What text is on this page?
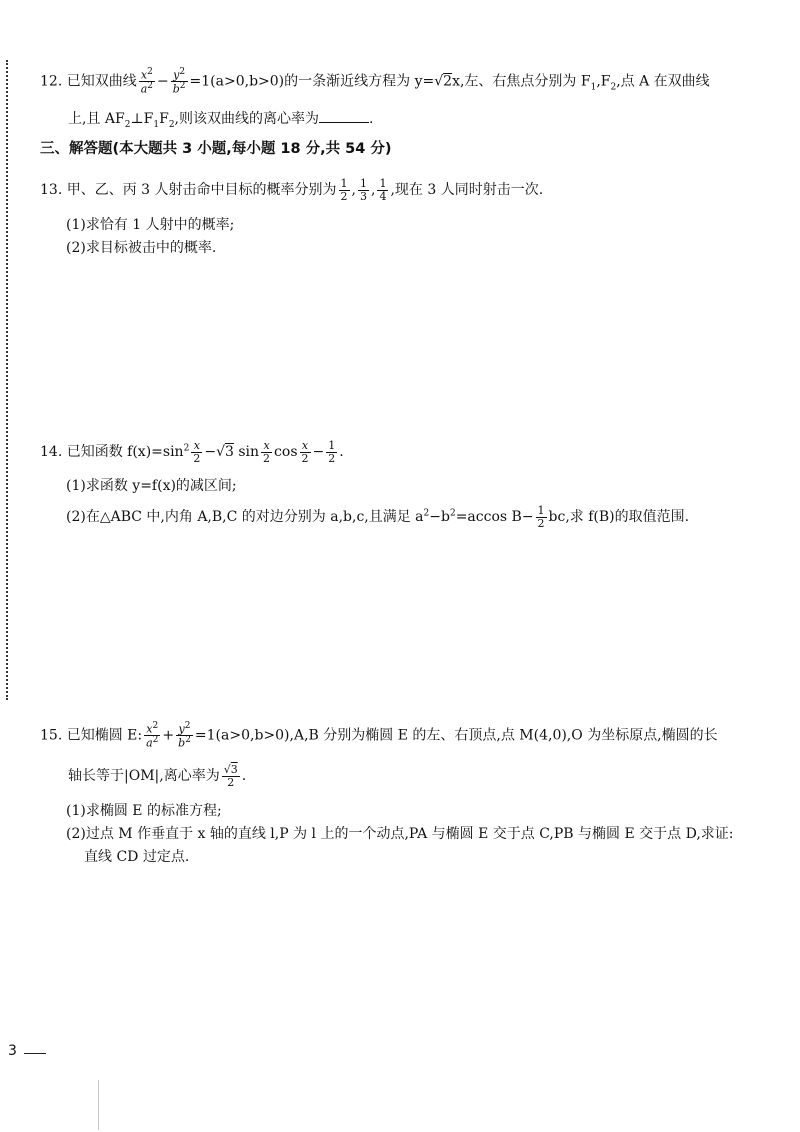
12. 已知双曲线 $\frac{x^2}{a^2} - \frac{y^2}{b^2} =1(a>0,b>0)$的一条渐近线方程为 y=√2x,左、右焦点分别为 $F_1,F_2$,点 A 在双曲线
上,且 $AF_2\perp F_1F_2$,则该双曲线的离心率为	.
三、解答题(本大题共 3 小题,每小题 18 分,共 54 分)
13. 甲、乙、丙 3 人射击命中目标的概率分别为 $\frac{1}{2}$ , $\frac{1}{3}$ , $\frac{1}{4}$ ,现在 3 人同时射击一次.
(1)求恰有 1 人射中的概率;
(2)求目标被击中的概率.
14. 已知函数 $f(x)=\sin^2 \frac{x}{2} -√3$ $\sin \frac{x}{2}$ $\cos \frac{x}{2} - \frac{1}{2}$ .
(1)求函数 y=f(x)的减区间;
(2)在△ABC 中,内角 A,B,C 的对边分别为 a,b,c,且满足 $a^2-b^2=accos$ $B- \frac{1}{2}$ bc,求 f(B)的取值范围.
15. 已知椭圆 E: $\frac{x^2}{a^2} + \frac{y^2}{b^2} =1(a>0,b>0),A,B$ 分别为椭圆 E 的左、右顶点,点 M(4,0),O 为坐标原点,椭圆的长
轴长等于|OM|,离心率为 $\frac{√3}{2}$ .
(1)求椭圆 E 的标准方程;
(2)过点 M 作垂直于 x 轴的直线 l,P 为 l 上的一个动点,PA 与椭圆 E 交于点 C,PB 与椭圆 E 交于点 D,求证:
直线 CD 过定点.
3
